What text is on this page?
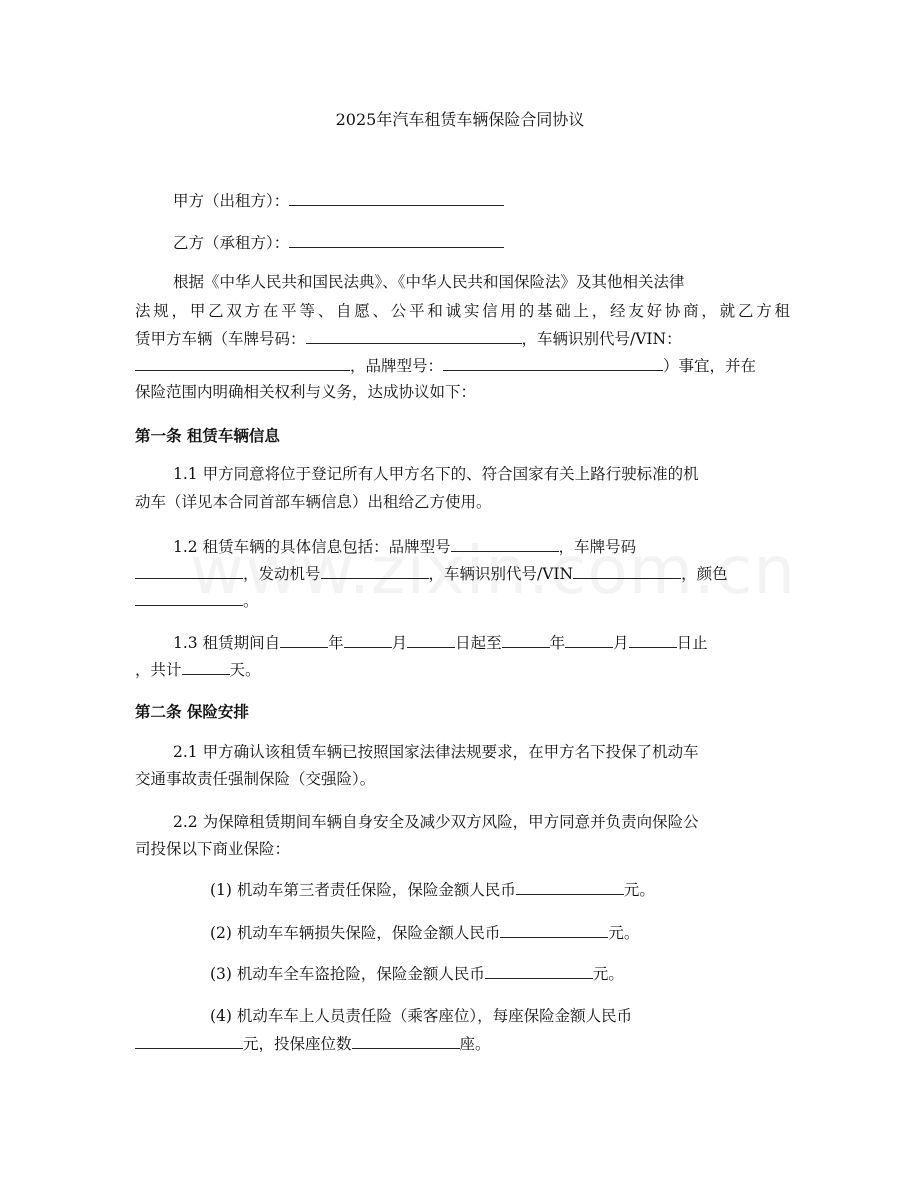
2025年汽车租赁车辆保险合同协议
甲方（出租方）：
乙方（承租方）：
根据《中华人民共和国民法典》、《中华人民共和国保险法》及其他相关法律
法规，甲乙双方在平等、自愿、公平和诚实信用的基础上，经友好协商，就乙方租
赁甲方车辆（车牌号码：	，车辆识别代号/VIN：
，品牌型号：	）事宜，并在
保险范围内明确相关权利与义务，达成协议如下：
第一条 租赁车辆信息
1.1 甲方同意将位于登记所有人甲方名下的、符合国家有关上路行驶标准的机
动车（详见本合同首部车辆信息）出租给乙方使用。
1.2 租赁车辆的具体信息包括：品牌型号	，车牌号码
，发动机号	，车辆识别代号/VIN	，颜色
。
1.3 租赁期间自	年	月	日起至	年	月	日止
，共计	天。
第二条 保险安排
2.1 甲方确认该租赁车辆已按照国家法律法规要求，在甲方名下投保了机动车
交通事故责任强制保险（交强险）。
2.2 为保障租赁期间车辆自身安全及减少双方风险，甲方同意并负责向保险公
司投保以下商业保险：
(1) 机动车第三者责任保险，保险金额人民币	元。
(2) 机动车车辆损失保险，保险金额人民币	元。
(3) 机动车全车盗抢险，保险金额人民币	元。
(4) 机动车车上人员责任险（乘客座位），每座保险金额人民币
元，投保座位数	座。
